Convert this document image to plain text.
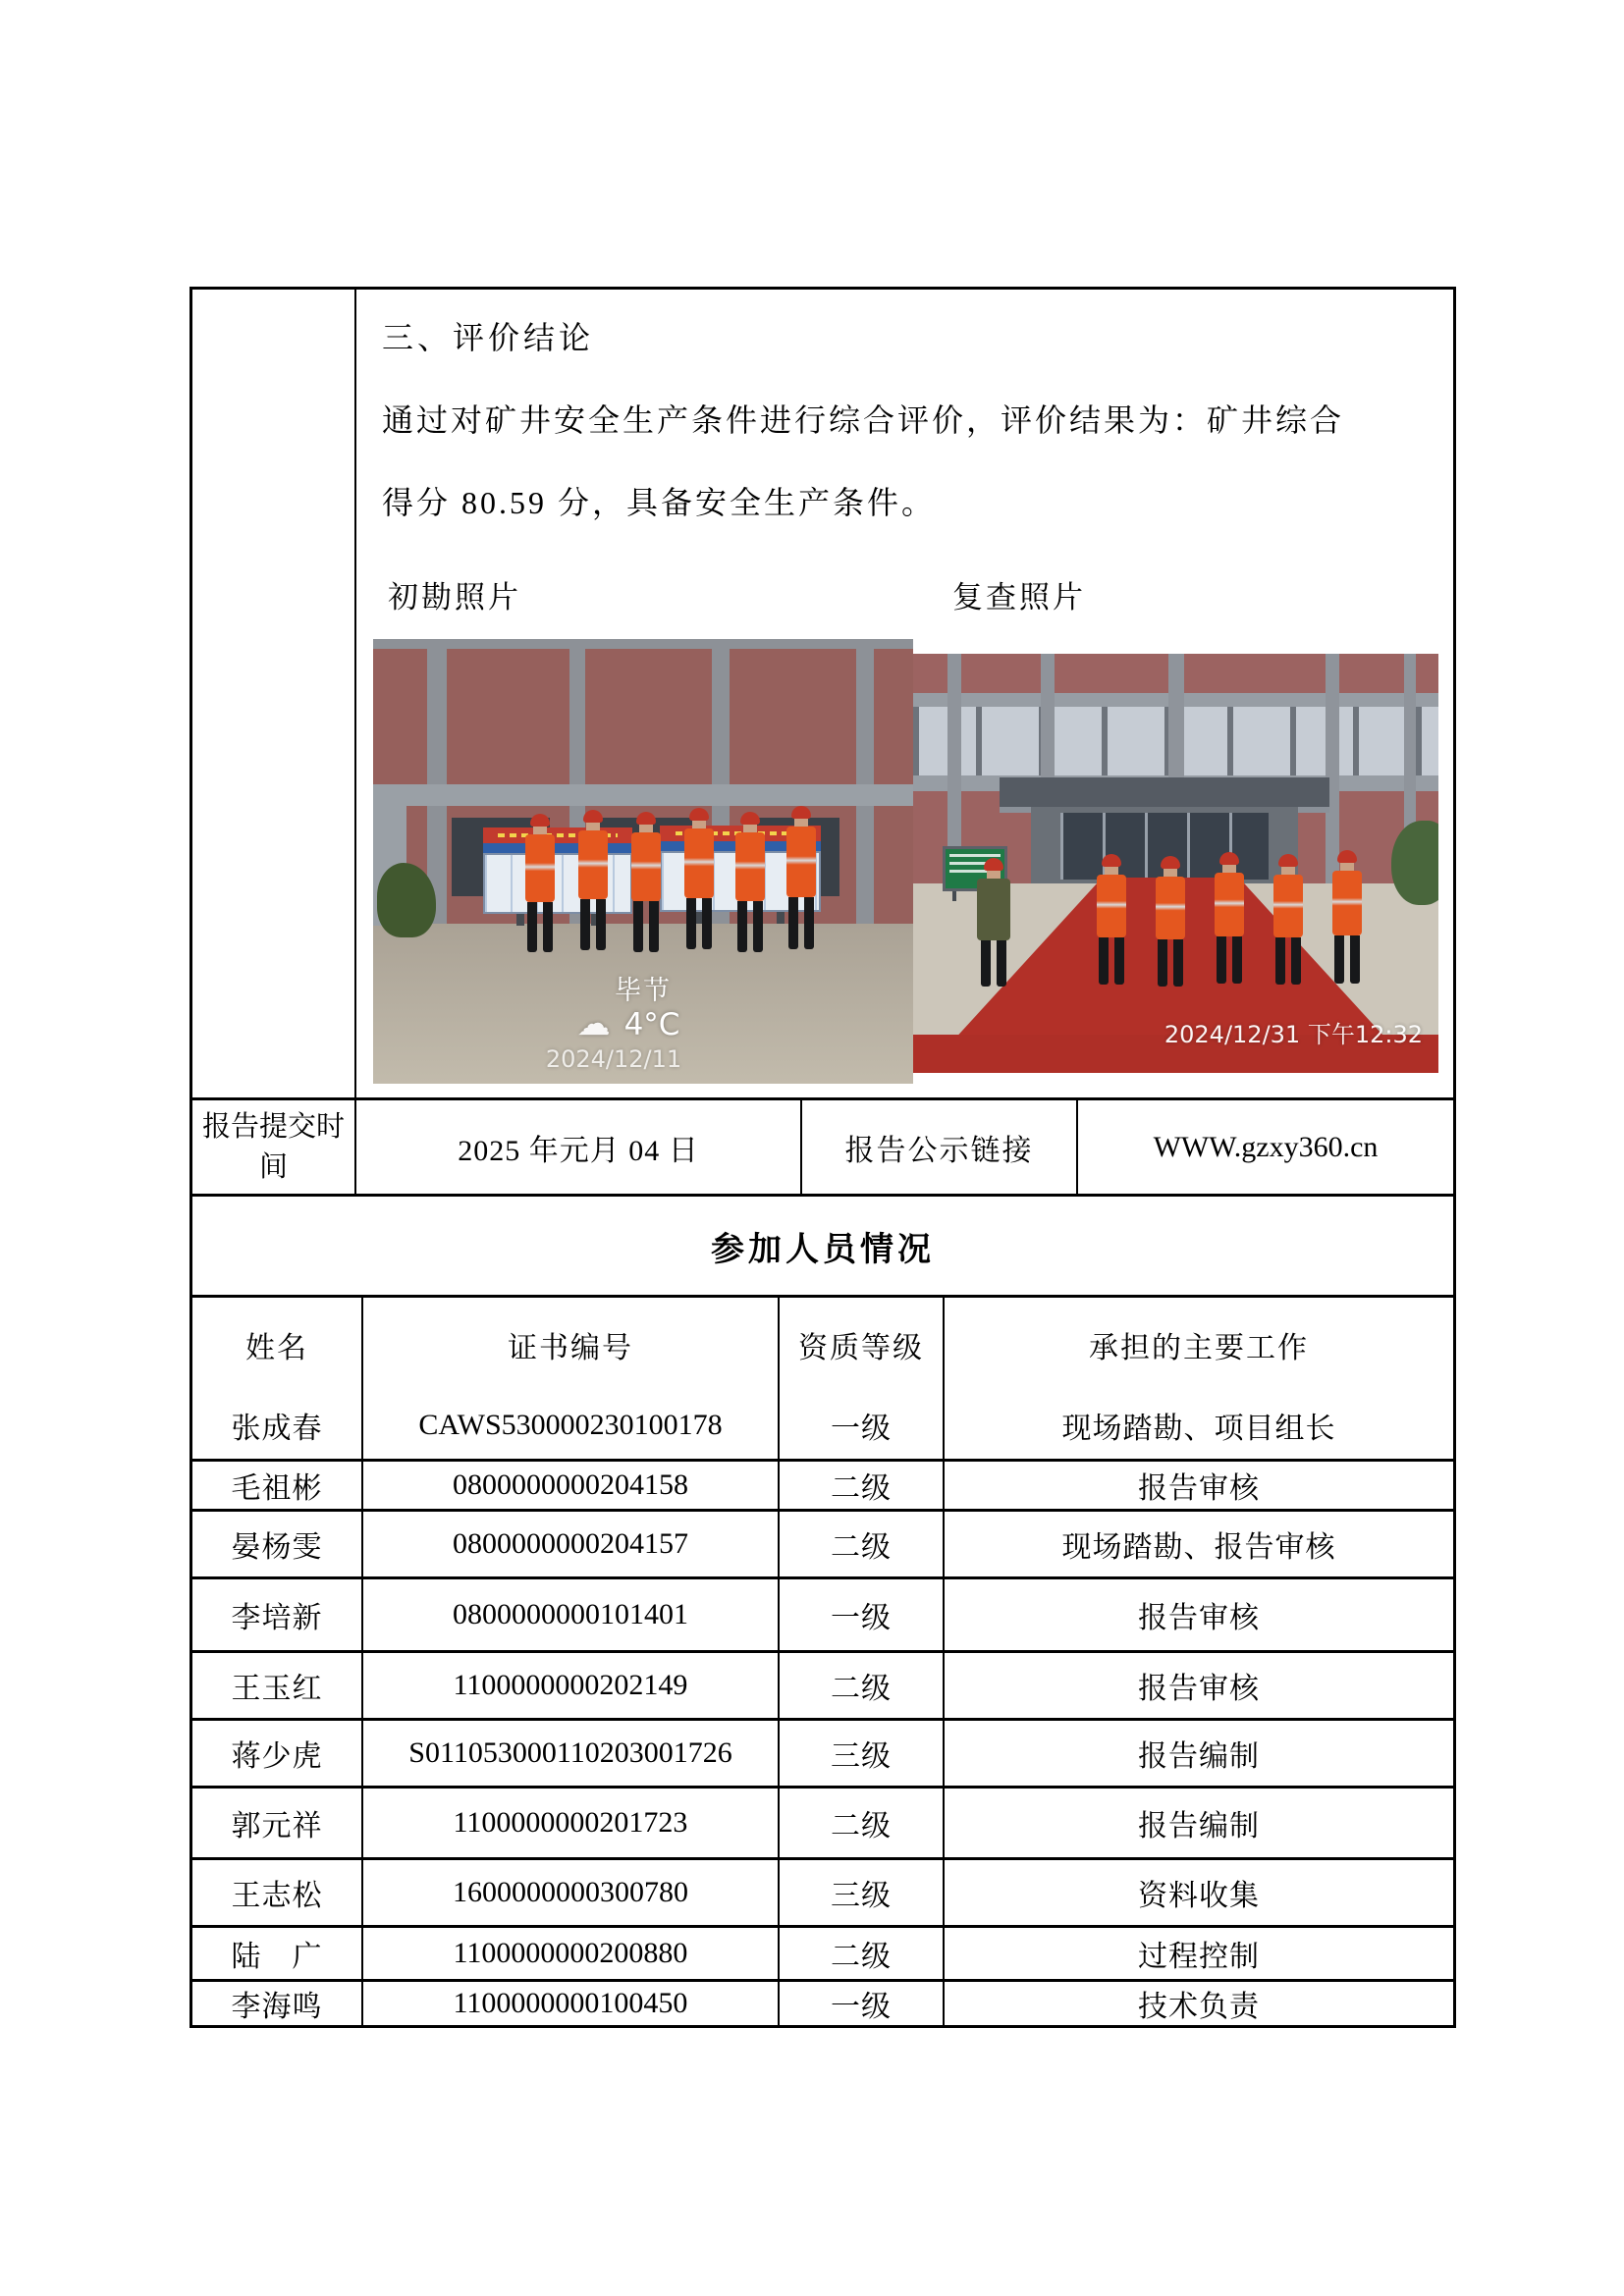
三、评价结论
通过对矿井安全生产条件进行综合评价，评价结果为：矿井综合
得分 80.59 分，具备安全生产条件。
初勘照片	复查照片
毕节
☁ 4°C
2024/12/11
2024/12/31 下午12:32
报告提交时间	2025 年元月 04 日	报告公示链接	WWW.gzxy360.cn
参加人员情况
姓名	证书编号	资质等级	承担的主要工作
张成春	CAWS530000230100178	一级	现场踏勘、项目组长
毛祖彬	0800000000204158	二级	报告审核
晏杨雯	0800000000204157	二级	现场踏勘、报告审核
李培新	0800000000101401	一级	报告审核
王玉红	1100000000202149	二级	报告审核
蒋少虎	S011053000110203001726	三级	报告编制
郭元祥	1100000000201723	二级	报告编制
王志松	1600000000300780	三级	资料收集
陆　广	1100000000200880	二级	过程控制
李海鸣	1100000000100450	一级	技术负责
